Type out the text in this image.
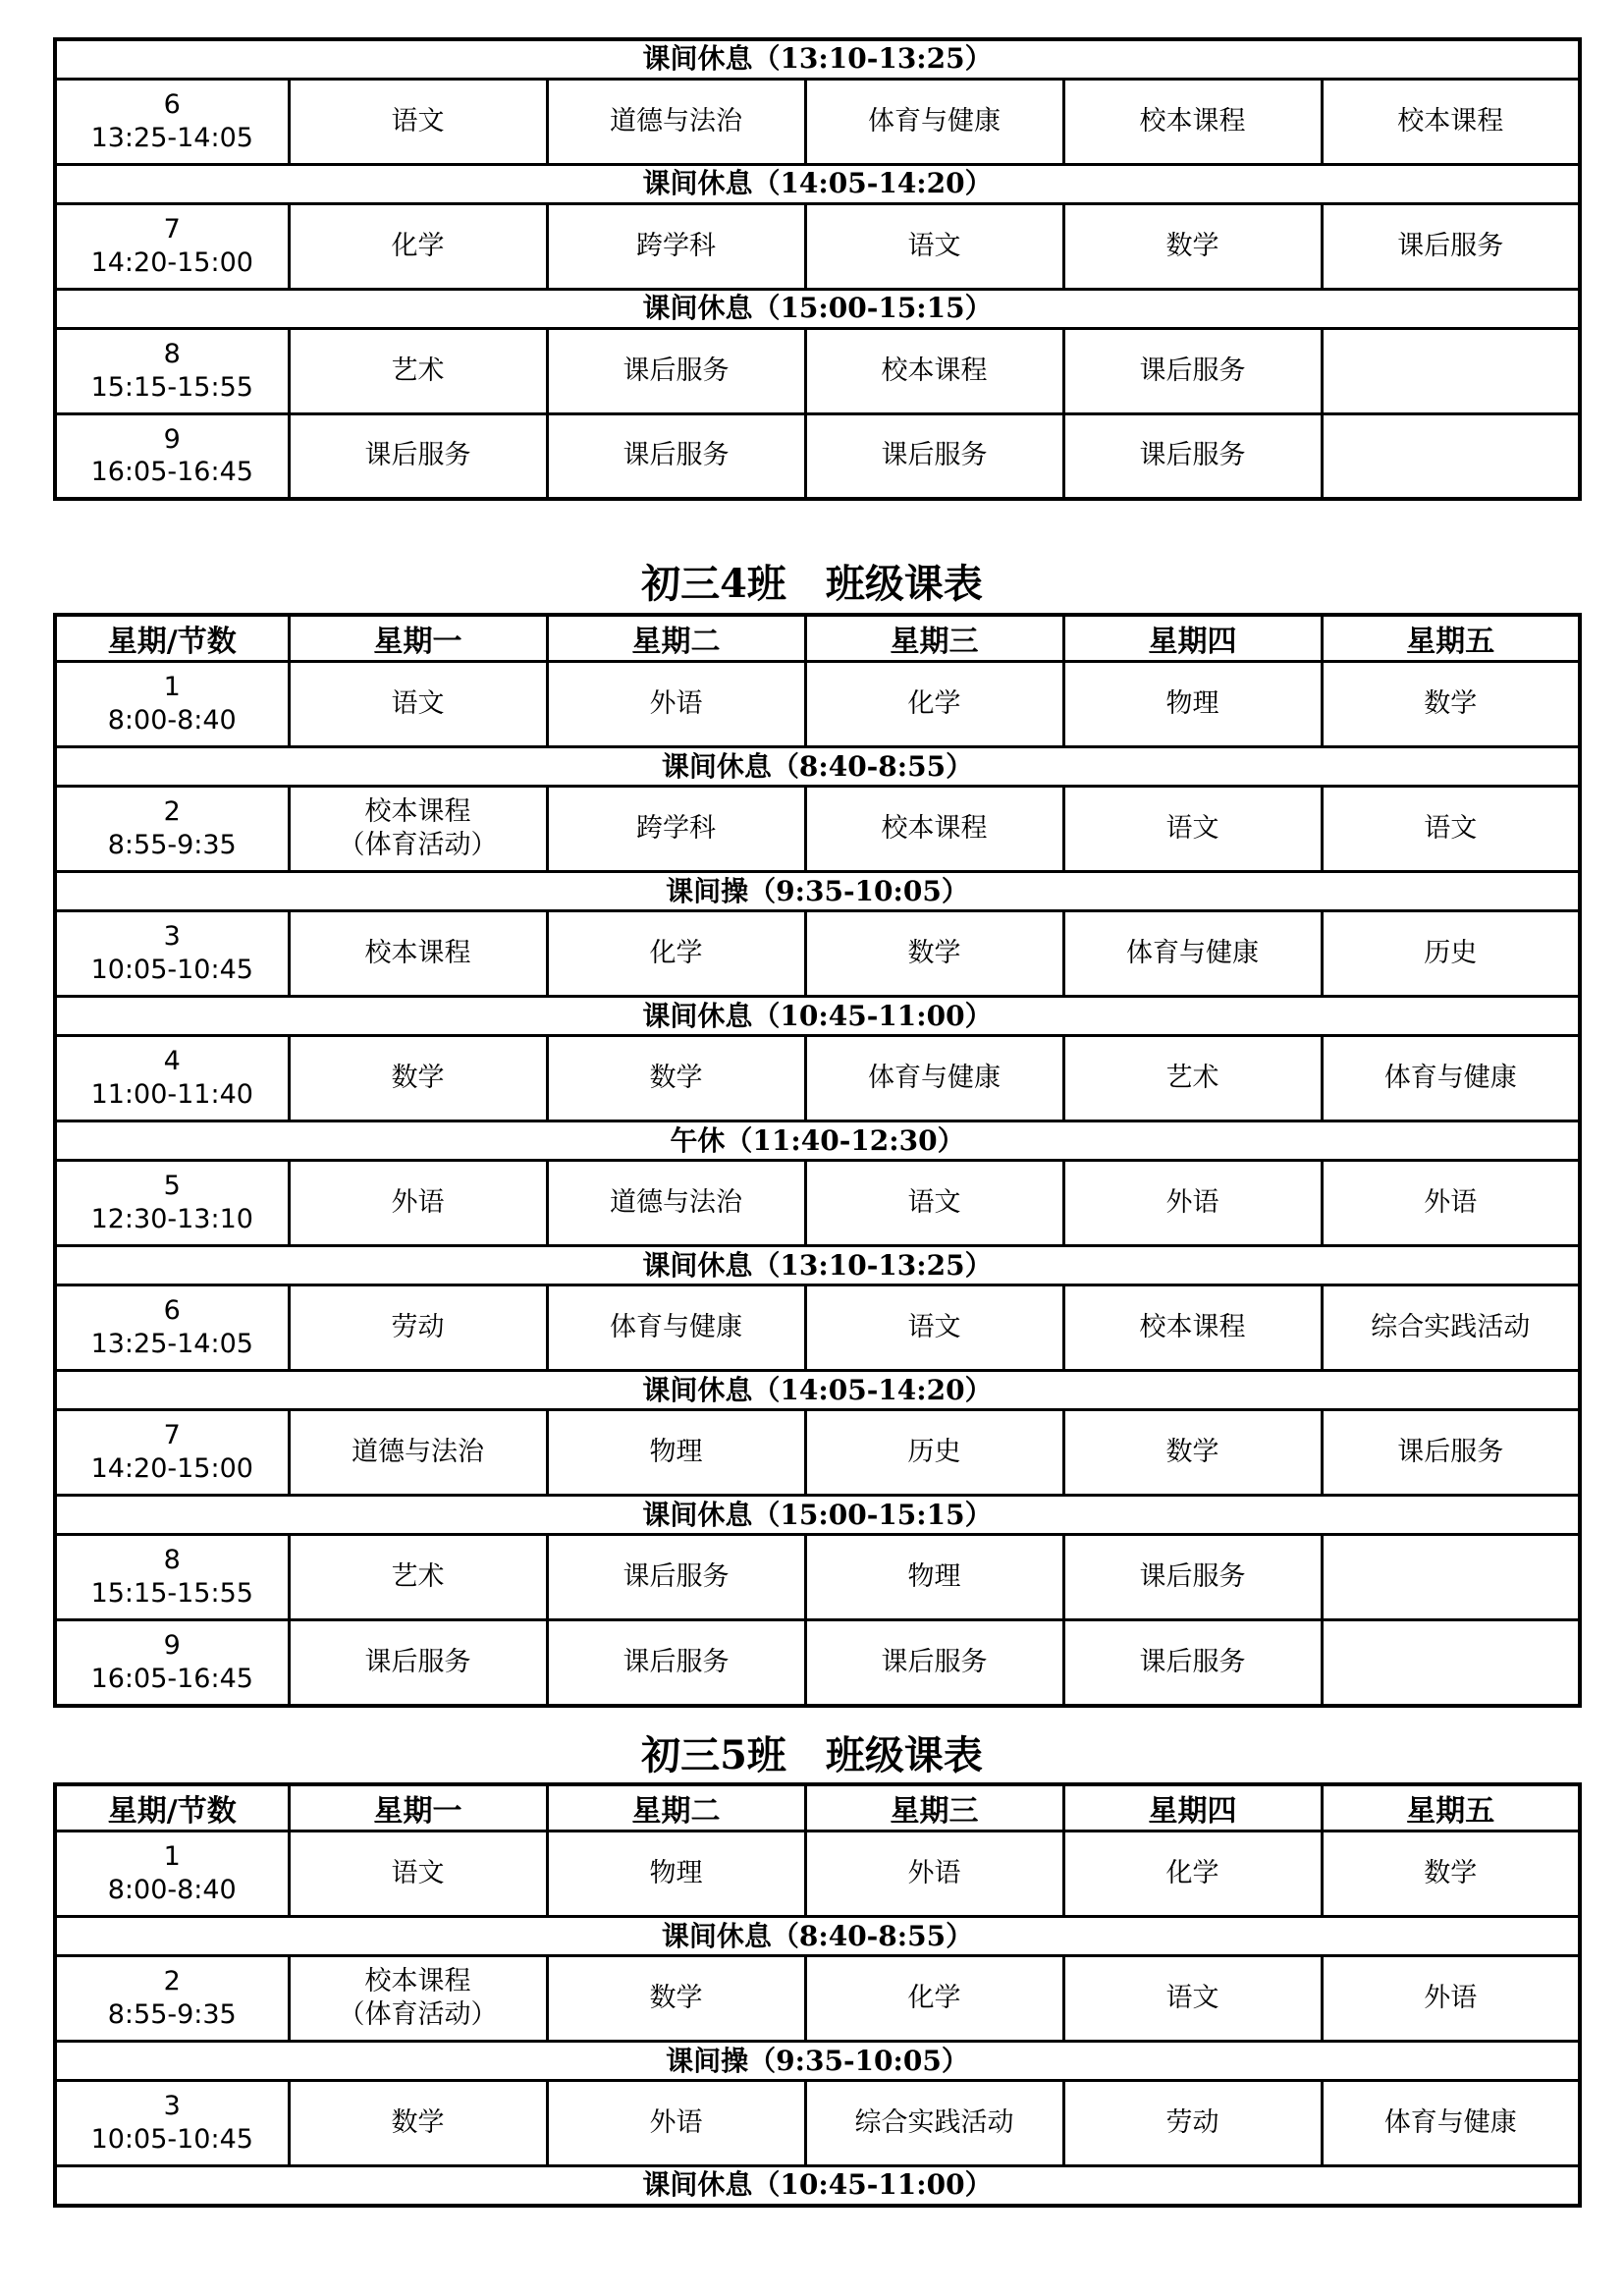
课间休息（13:10-13:25）					

6
13:25-14:05	语文	道德与法治	体育与健康	校本课程	校本课程
课间休息（14:05-14:20）					

7
14:20-15:00	化学	跨学科	语文	数学	课后服务
课间休息（15:00-15:15）					

8
15:15-15:55	艺术	课后服务	校本课程	课后服务	

9
16:05-16:45	课后服务	课后服务	课后服务	课后服务	
初三4班　班级课表
星期/节数	星期一	星期二	星期三	星期四	星期五

1
8:00-8:40	语文	外语	化学	物理	数学
课间休息（8:40-8:55）					

2
8:55-9:35	校本课程
（体育活动）	跨学科	校本课程	语文	语文
课间操（9:35-10:05）					

3
10:05-10:45	校本课程	化学	数学	体育与健康	历史
课间休息（10:45-11:00）					

4
11:00-11:40	数学	数学	体育与健康	艺术	体育与健康
午休（11:40-12:30）					

5
12:30-13:10	外语	道德与法治	语文	外语	外语
课间休息（13:10-13:25）					

6
13:25-14:05	劳动	体育与健康	语文	校本课程	综合实践活动
课间休息（14:05-14:20）					

7
14:20-15:00	道德与法治	物理	历史	数学	课后服务
课间休息（15:00-15:15）					

8
15:15-15:55	艺术	课后服务	物理	课后服务	

9
16:05-16:45	课后服务	课后服务	课后服务	课后服务	
初三5班　班级课表
星期/节数	星期一	星期二	星期三	星期四	星期五

1
8:00-8:40	语文	物理	外语	化学	数学
课间休息（8:40-8:55）					

2
8:55-9:35	校本课程
（体育活动）	数学	化学	语文	外语
课间操（9:35-10:05）					

3
10:05-10:45	数学	外语	综合实践活动	劳动	体育与健康
课间休息（10:45-11:00）					
